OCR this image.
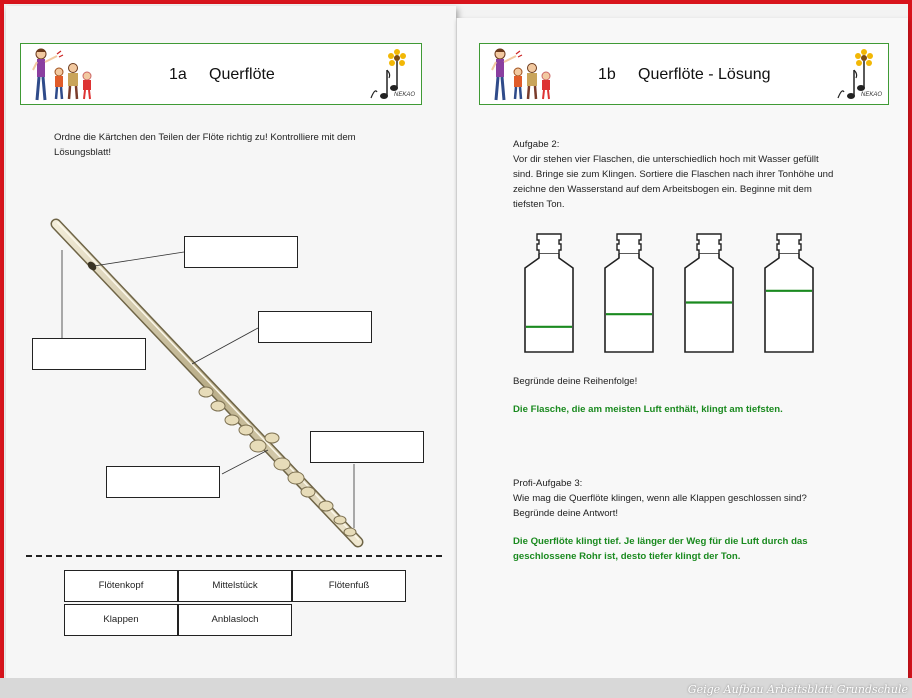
1a Querflöte
NEKAO
Ordne die Kärtchen den Teilen der Flöte richtig zu! Kontrolliere mit dem Lösungsblatt!
Flötenkopf	Mittelstück	Flötenfuß
Klappen	Anblasloch
1b Querflöte - Lösung
NEKAO
Aufgabe 2:
Vor dir stehen vier Flaschen, die unterschiedlich hoch mit Wasser gefüllt
sind. Bringe sie zum Klingen. Sortiere die Flaschen nach ihrer Tonhöhe und
zeichne den Wasserstand auf dem Arbeitsbogen ein. Beginne mit dem
tiefsten Ton.
Begründe deine Reihenfolge!
Die Flasche, die am meisten Luft enthält, klingt am tiefsten.
Profi-Aufgabe 3:
Wie mag die Querflöte klingen, wenn alle Klappen geschlossen sind?
Begründe deine Antwort!
Die Querflöte klingt tief. Je länger der Weg für die Luft durch das
geschlossene Rohr ist, desto tiefer klingt der Ton.
Geige Aufbau Arbeitsblatt Grundschule
